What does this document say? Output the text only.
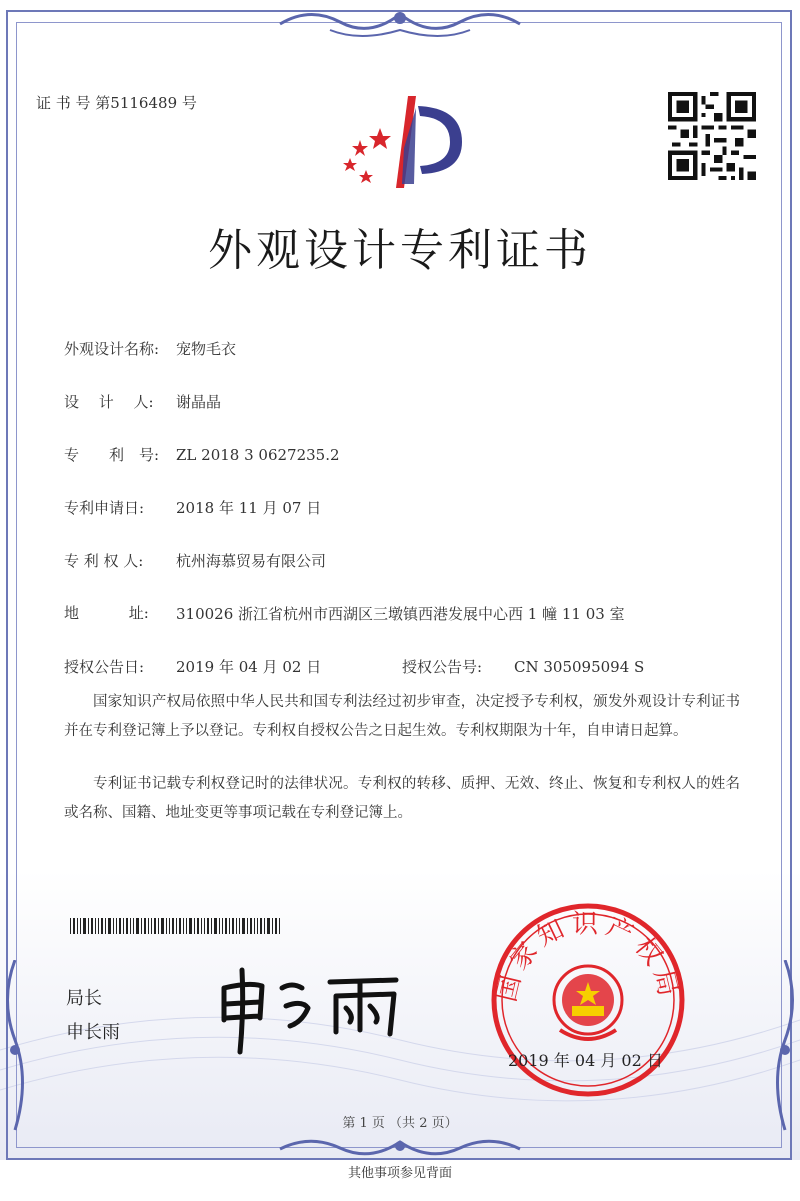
证 书 号 第5116489 号
外观设计专利证书
外观设计名称: 宠物毛衣
设　 计　 人: 谢晶晶
专　　利　号: ZL 2018 3 0627235.2
专利申请日: 2018 年 11 月 07 日
专 利 权 人: 杭州海慕贸易有限公司
地　　　 址:	310026 浙江省杭州市西湖区三墩镇西港发展中心西 1 幢 11 03 室
授权公告日: 2019 年 04 月 02 日	授权公告号: CN 305095094 S
国家知识产权局依照中华人民共和国专利法经过初步审查，决定授予专利权，颁发外观设计专利证书并在专利登记簿上予以登记。专利权自授权公告之日起生效。专利权期限为十年，自申请日起算。
专利证书记载专利权登记时的法律状况。专利权的转移、质押、无效、终止、恢复和专利权人的姓名或名称、国籍、地址变更等事项记载在专利登记簿上。
局长
申长雨
国家知识产权局
2019 年 04 月 02 日
第 1 页 （共 2 页）
其他事项参见背面
